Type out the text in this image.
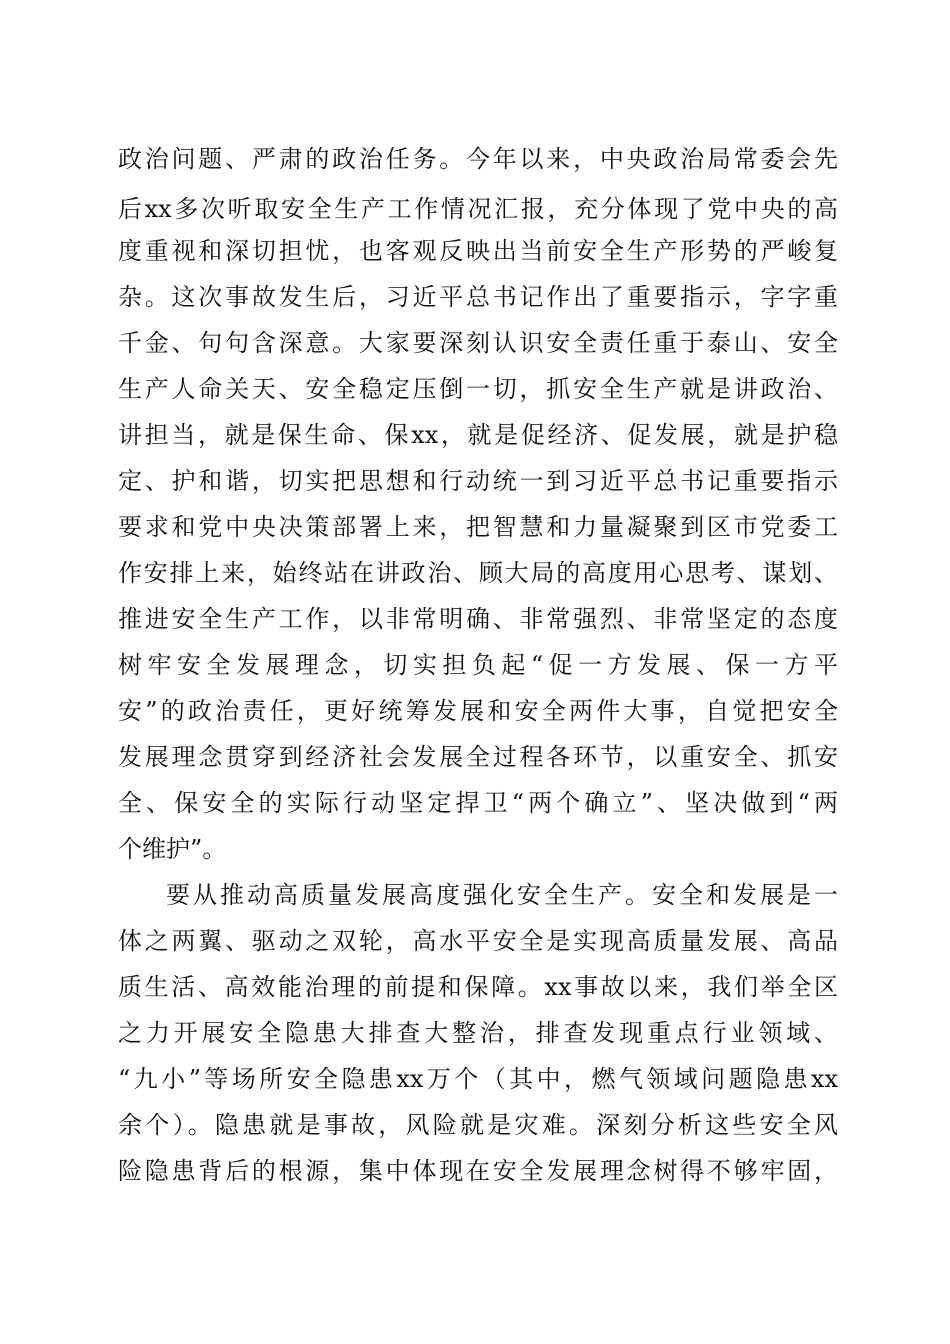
政治问题、严肃的政治任务。今年以来，中央政治局常委会先
后xx多次听取安全生产工作情况汇报，充分体现了党中央的高
度重视和深切担忧，也客观反映出当前安全生产形势的严峻复
杂。这次事故发生后，习近平总书记作出了重要指示，字字重
千金、句句含深意。大家要深刻认识安全责任重于泰山、安全
生产人命关天、安全稳定压倒一切，抓安全生产就是讲政治、
讲担当，就是保生命、保xx，就是促经济、促发展，就是护稳
定、护和谐，切实把思想和行动统一到习近平总书记重要指示
要求和党中央决策部署上来，把智慧和力量凝聚到区市党委工
作安排上来，始终站在讲政治、顾大局的高度用心思考、谋划、
推进安全生产工作，以非常明确、非常强烈、非常坚定的态度
树牢安全发展理念，切实担负起“促一方发展、保一方平
安”的政治责任，更好统筹发展和安全两件大事，自觉把安全
发展理念贯穿到经济社会发展全过程各环节，以重安全、抓安
全、保安全的实际行动坚定捍卫“两个确立”、坚决做到“两
个维护”。
要从推动高质量发展高度强化安全生产。安全和发展是一
体之两翼、驱动之双轮，高水平安全是实现高质量发展、高品
质生活、高效能治理的前提和保障。xx事故以来，我们举全区
之力开展安全隐患大排查大整治，排查发现重点行业领域、
“九小”等场所安全隐患xx万个（其中，燃气领域问题隐患xx
余个）。隐患就是事故，风险就是灾难。深刻分析这些安全风
险隐患背后的根源，集中体现在安全发展理念树得不够牢固，
